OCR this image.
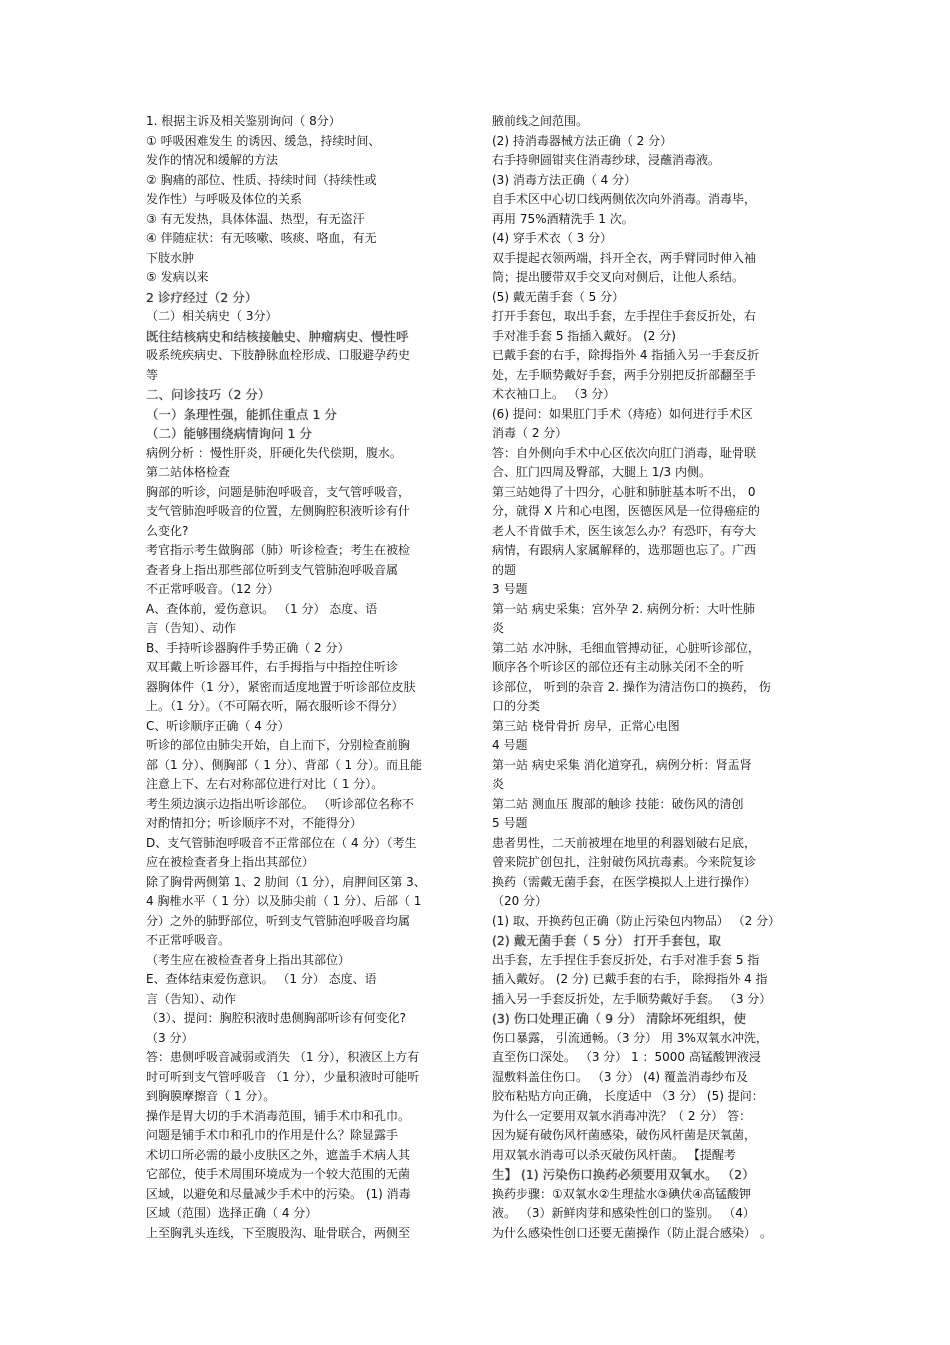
1. 根据主诉及相关鉴别询问（ 8分）
① 呼吸困难发生 的诱因、缓急，持续时间、
发作的情况和缓解的方法
② 胸痛的部位、性质、持续时间（持续性或
发作性）与呼吸及体位的关系
③ 有无发热，具体体温、热型，有无盗汗
④ 伴随症状：有无咳嗽、咳痰、咯血，有无
下肢水肿
⑤ 发病以来
2 诊疗经过（2 分）
（二）相关病史（ 3分）
既往结核病史和结核接触史、肿瘤病史、慢性呼
吸系统疾病史、下肢静脉血栓形成、口服避孕药史
等
二、问诊技巧（2 分）
（一）条理性强，能抓住重点 1 分
（二）能够围绕病情询问 1 分
病例分析 ：慢性肝炎，肝硬化失代偿期，腹水。
第二站体格检查
胸部的听诊，问题是肺泡呼吸音，支气管呼吸音，
支气管肺泡呼吸音的位置，左侧胸腔积液听诊有什
么变化?
考官指示考生做胸部（肺）听诊检查；考生在被检
查者身上指出那些部位听到支气管肺泡呼吸音属
不正常呼吸音。（12 分）
A、查体前，爱伤意识。 （1 分） 态度、语
言（告知）、动作
B、手持听诊器胸件手势正确（ 2 分）
双耳戴上听诊器耳件，右手拇指与中指控住听诊
器胸体件（1 分），紧密而适度地置于听诊部位皮肤
上。（1 分）。（不可隔衣听，隔衣服听诊不得分）
C、听诊顺序正确（ 4 分）
听诊的部位由肺尖开始，自上而下，分别检查前胸
部（1 分）、侧胸部（ 1 分）、背部（ 1 分）。而且能
注意上下、左右对称部位进行对比（ 1 分）。
考生须边演示边指出听诊部位。 （听诊部位名称不
对酌情扣分；听诊顺序不对，不能得分）
D、支气管肺泡呼吸音不正常部位在（ 4 分）（考生
应在被检查者身上指出其部位）
除了胸骨两侧第 1、2 肋间（1 分），肩胛间区第 3、
4 胸椎水平（ 1 分）以及肺尖前（ 1 分）、后部（ 1
分）之外的肺野部位，听到支气管肺泡呼吸音均属
不正常呼吸音。
（考生应在被检查者身上指出其部位）
E、查体结束爱伤意识。 （1 分） 态度、语
言（告知）、动作
（3）、提问：胸腔积液时患侧胸部听诊有何变化?
（3 分）
答：患侧呼吸音减弱或消失 （1 分），积液区上方有
时可听到支气管呼吸音 （1 分），少量积液时可能听
到胸膜摩擦音（ 1 分）。
操作是胃大切的手术消毒范围，铺手术巾和孔巾。
问题是铺手术巾和孔巾的作用是什么？除显露手
术切口所必需的最小皮肤区之外，遮盖手术病人其
它部位，使手术周围环境成为一个较大范围的无菌
区域，以避免和尽量减少手术中的污染。 (1) 消毒
区域（范围）选择正确（ 4 分）
上至胸乳头连线，下至腹股沟、耻骨联合，两侧至
腋前线之间范围。
(2) 持消毒器械方法正确（ 2 分）
右手持卵圆钳夹住消毒纱球，浸蘸消毒液。
(3) 消毒方法正确（ 4 分）
自手术区中心切口线两侧依次向外消毒。消毒毕，
再用 75%酒精洗手 1 次。
(4) 穿手术衣（ 3 分）
双手提起衣领两端，抖开全衣，两手臂同时伸入袖
筒；提出腰带双手交叉向对侧后，让他人系结。
(5) 戴无菌手套（ 5 分）
打开手套包，取出手套，左手捏住手套反折处，右
手对准手套 5 指插入戴好。 (2 分)
已戴手套的右手，除拇指外 4 指插入另一手套反折
处，左手顺势戴好手套，两手分别把反折部翻至手
术衣袖口上。 （3 分）
(6) 提问：如果肛门手术（痔疮）如何进行手术区
消毒（ 2 分）
答：自外侧向手术中心区依次向肛门消毒，耻骨联
合、肛门四周及臀部，大腿上 1/3 内侧。
第三站她得了十四分，心脏和肺脏基本听不出， 0
分，就得 X 片和心电图，医德医风是一位得癌症的
老人不肯做手术，医生该怎么办？有恐吓，有夸大
病情，有跟病人家属解释的，选那题也忘了。广西
的题
3 号题
第一站 病史采集：宫外孕 2. 病例分析：大叶性肺
炎
第二站 水冲脉，毛细血管搏动征，心脏听诊部位，
顺序各个听诊区的部位还有主动脉关闭不全的听
诊部位， 听到的杂音 2. 操作为清洁伤口的换药， 伤
口的分类
第三站 桡骨骨折 房早，正常心电图
4 号题
第一站 病史采集 消化道穿孔，病例分析：肾盂肾
炎
第二站 测血压 腹部的触诊 技能：破伤风的清创
5 号题
患者男性，二天前被埋在地里的利器划破右足底，
曾来院扩创包扎，注射破伤风抗毒素。今来院复诊
换药（需戴无菌手套，在医学模拟人上进行操作）
（20 分）
(1) 取、开换药包正确（防止污染包内物品） （2 分）
(2) 戴无菌手套（ 5 分） 打开手套包，取
出手套，左手捏住手套反折处，右手对准手套 5 指
插入戴好。 (2 分) 已戴手套的右手， 除拇指外 4 指
插入另一手套反折处，左手顺势戴好手套。 （3 分）
(3) 伤口处理正确（ 9 分） 清除坏死组织，使
伤口暴露， 引流通畅。（3 分） 用 3%双氧水冲洗，
直至伤口深处。 （3 分） 1 ：5000 高锰酸钾液浸
湿敷料盖住伤口。 （3 分） (4) 覆盖消毒纱布及
胶布粘贴方向正确， 长度适中 （3 分） (5) 提问：
为什么一定要用双氧水消毒冲洗？（ 2 分） 答：
因为疑有破伤风杆菌感染，破伤风杆菌是厌氧菌，
用双氧水消毒可以杀灭破伤风杆菌。 【提醒考
生】 (1) 污染伤口换药必须要用双氧水。 （2）
换药步骤：①双氧水②生理盐水③碘伏④高锰酸钾
液。 （3）新鲜肉芽和感染性创口的鉴别。 （4）
为什么感染性创口还要无菌操作（防止混合感染） 。
